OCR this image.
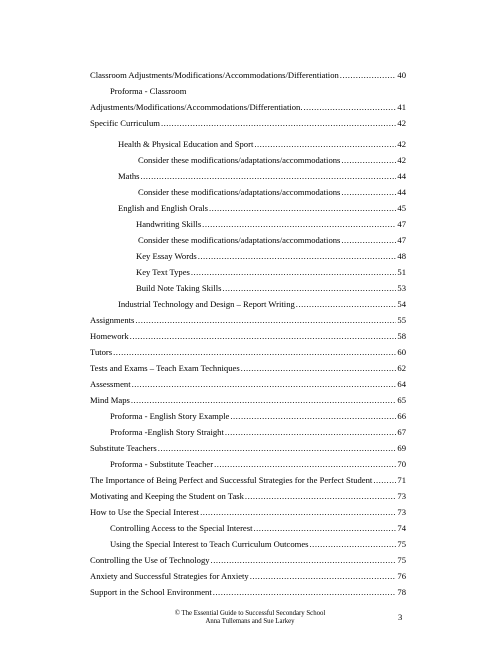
Classroom Adjustments/Modifications/Accommodations/Differentiation .....	40
Proforma - Classroom
Adjustments/Modifications/Accommodations/Differentiation. .....	41
Specific Curriculum .....	42
Health & Physical Education and Sport .....	42
Consider these modifications/adaptations/accommodations .....	42
Maths .....	44
Consider these modifications/adaptations/accommodations .....	44
English and English Orals .....	45
Handwriting Skills .....	47
Consider these modifications/adaptations/accommodations .....	47
Key Essay Words .....	48
Key Text Types .....	51
Build Note Taking Skills .....	53
Industrial Technology and Design – Report Writing .....	54
Assignments .....	55
Homework .....	58
Tutors .....	60
Tests and Exams – Teach Exam Techniques .....	62
Assessment .....	64
Mind Maps .....	65
Proforma - English Story Example .....	66
Proforma -English Story Straight .....	67
Substitute Teachers .....	69
Proforma - Substitute Teacher .....	70
The Importance of Being Perfect and Successful Strategies for the Perfect Student .....	71
Motivating and Keeping the Student on Task .....	73
How to Use the Special Interest .....	73
Controlling Access to the Special Interest .....	74
Using the Special Interest to Teach Curriculum Outcomes .....	75
Controlling the Use of Technology .....	75
Anxiety and Successful Strategies for Anxiety .....	76
Support in the School Environment .....	78
© The Essential Guide to Successful Secondary School
Anna Tullemans and Sue Larkey	3
